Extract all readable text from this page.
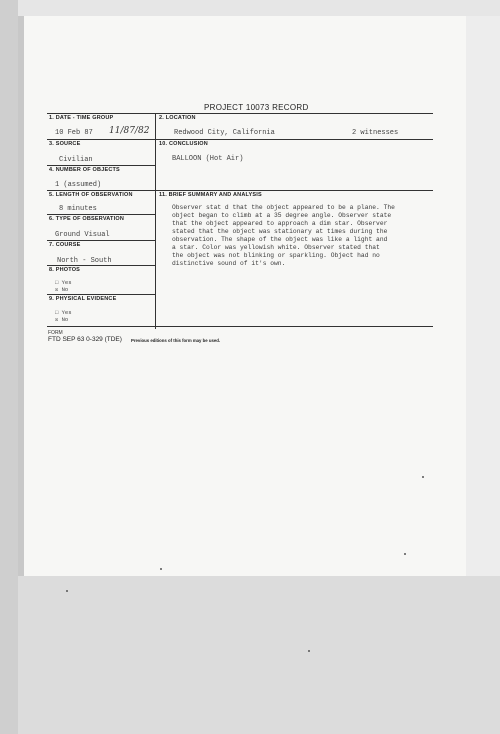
PROJECT 10073 RECORD
1. DATE - TIME GROUP
10 Feb 87 11/87/82
3. SOURCE
Civilian
4. NUMBER OF OBJECTS
1 (assumed)
5. LENGTH OF OBSERVATION
8 minutes
6. TYPE OF OBSERVATION
Ground Visual
7. COURSE
North - South
8. PHOTOS
□ Yes
☒ No
9. PHYSICAL EVIDENCE
□ Yes
☒ No
2. LOCATION
Redwood City, California	2 witnesses
10. CONCLUSION
BALLOON (Hot Air)
11. BRIEF SUMMARY AND ANALYSIS
Observer stat d that the object appeared to be a plane. The
object began to climb at a 35 degree angle. Observer state
that the object appeared to approach a dim star. Observer
stated that the object was stationary at times during the
observation. The shape of the object was like a light and
a star. Color was yellowish white. Observer stated that
the object was not blinking or sparkling. Object had no
distinctive sound of it's own.
FORM
FTD SEP 63 0-329 (TDE) Previous editions of this form may be used.
